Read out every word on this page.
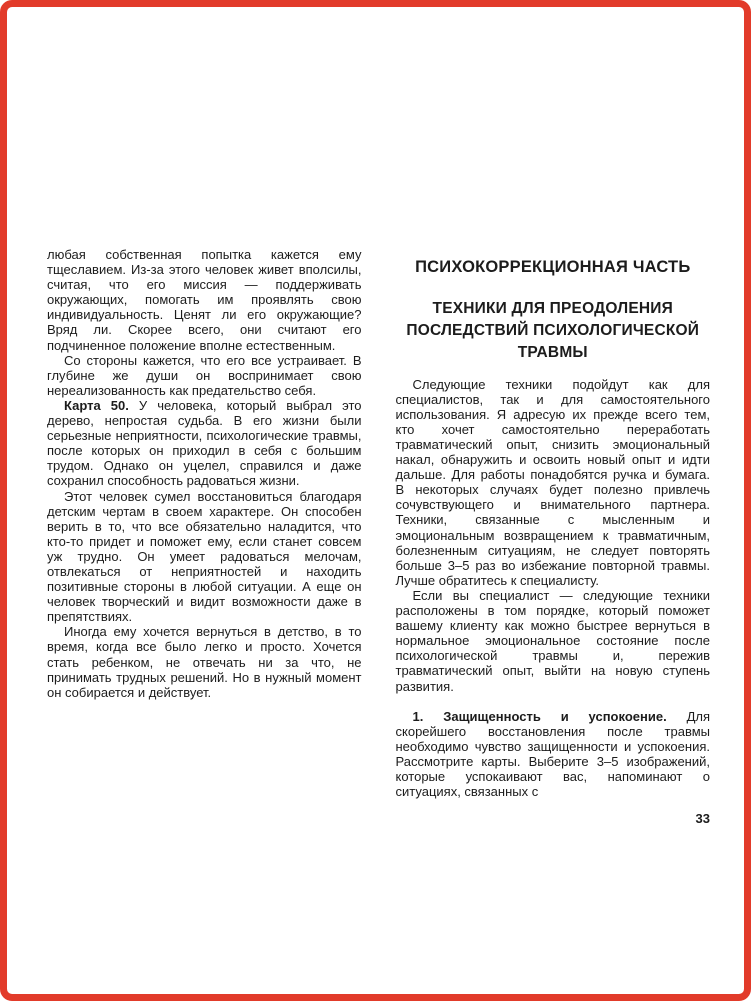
любая собственная попытка кажется ему тщеславием. Из-за этого человек живет вполсилы, считая, что его миссия — поддерживать окружающих, помогать им проявлять свою индивидуальность. Ценят ли его окружающие? Вряд ли. Скорее всего, они считают его подчиненное положение вполне естественным.

Со стороны кажется, что его все устраивает. В глубине же души он воспринимает свою нереализованность как предательство себя.

Карта 50. У человека, который выбрал это дерево, непростая судьба. В его жизни были серьезные неприятности, психологические травмы, после которых он приходил в себя с большим трудом. Однако он уцелел, справился и даже сохранил способность радоваться жизни.

Этот человек сумел восстановиться благодаря детским чертам в своем характере. Он способен верить в то, что все обязательно наладится, что кто-то придет и поможет ему, если станет совсем уж трудно. Он умеет радоваться мелочам, отвлекаться от неприятностей и находить позитивные стороны в любой ситуации. А еще он человек творческий и видит возможности даже в препятствиях.

Иногда ему хочется вернуться в детство, в то время, когда все было легко и просто. Хочется стать ребенком, не отвечать ни за что, не принимать трудных решений. Но в нужный момент он собирается и действует.

ПСИХОКОРРЕКЦИОННАЯ ЧАСТЬ
ТЕХНИКИ ДЛЯ ПРЕОДОЛЕНИЯ ПОСЛЕДСТВИЙ ПСИХОЛОГИЧЕСКОЙ ТРАВМЫ

Следующие техники подойдут как для специалистов, так и для самостоятельного использования. Я адресую их прежде всего тем, кто хочет самостоятельно переработать травматический опыт, снизить эмоциональный накал, обнаружить и освоить новый опыт и идти дальше. Для работы понадобятся ручка и бумага. В некоторых случаях будет полезно привлечь сочувствующего и внимательного партнера. Техники, связанные с мысленным и эмоциональным возвращением к травматичным, болезненным ситуациям, не следует повторять больше 3–5 раз во избежание повторной травмы. Лучше обратитесь к специалисту.

Если вы специалист — следующие техники расположены в том порядке, который поможет вашему клиенту как можно быстрее вернуться в нормальное эмоциональное состояние после психологической травмы и, пережив травматический опыт, выйти на новую ступень развития.

1. Защищенность и успокоение. Для скорейшего восстановления после травмы необходимо чувство защищенности и успокоения. Рассмотрите карты. Выберите 3–5 изображений, которые успокаивают вас, напоминают о ситуациях, связанных с

33
